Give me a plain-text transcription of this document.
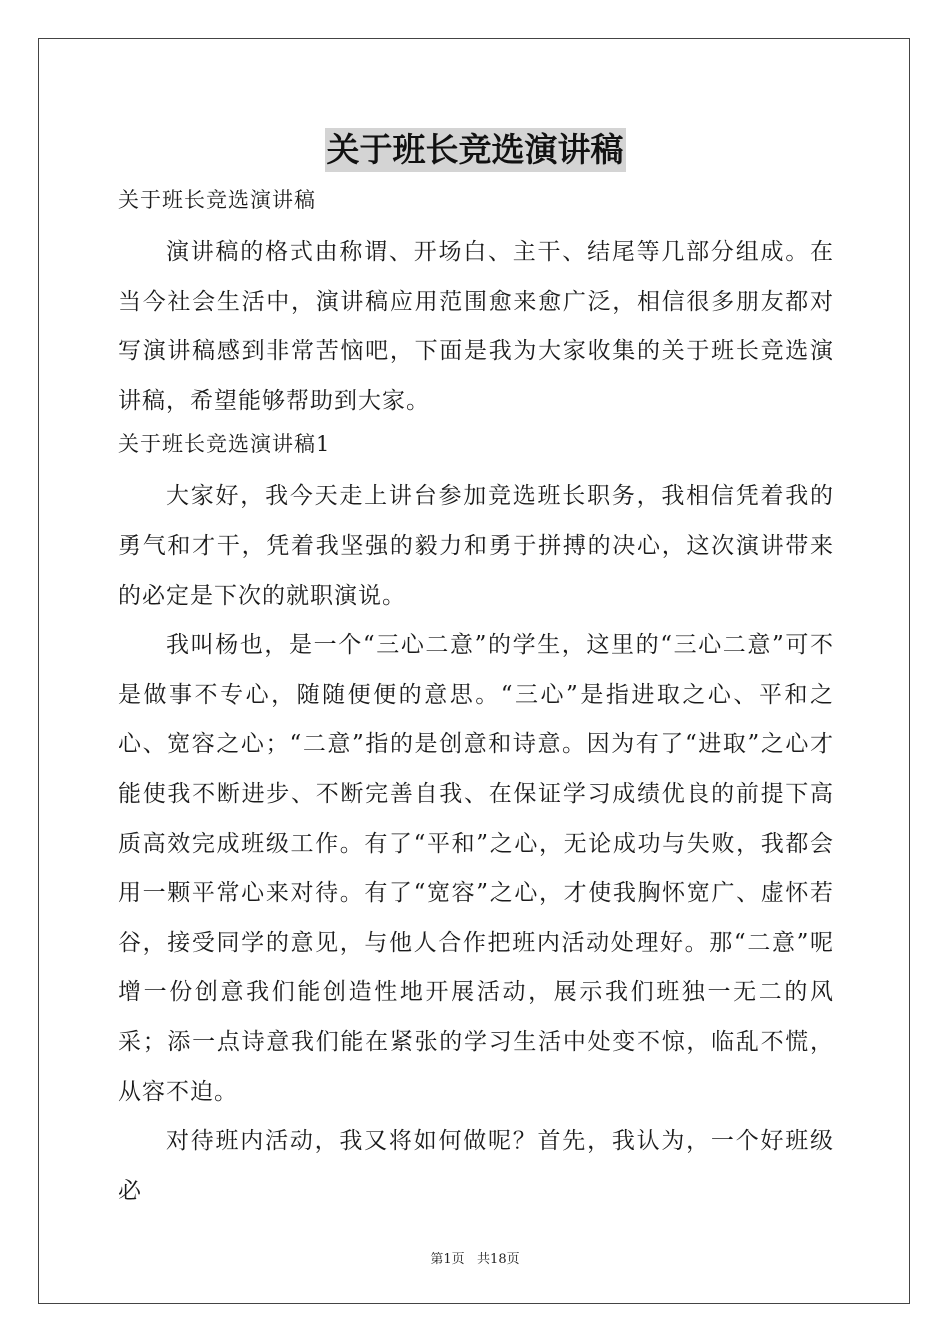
关于班长竞选演讲稿

关于班长竞选演讲稿

演讲稿的格式由称谓、开场白、主干、结尾等几部分组成。在当今社会生活中，演讲稿应用范围愈来愈广泛，相信很多朋友都对写演讲稿感到非常苦恼吧，下面是我为大家收集的关于班长竞选演讲稿，希望能够帮助到大家。

关于班长竞选演讲稿1

大家好，我今天走上讲台参加竞选班长职务，我相信凭着我的勇气和才干，凭着我坚强的毅力和勇于拼搏的决心，这次演讲带来的必定是下次的就职演说。

我叫杨也，是一个“三心二意”的学生，这里的“三心二意”可不是做事不专心，随随便便的意思。“三心”是指进取之心、平和之心、宽容之心；“二意”指的是创意和诗意。因为有了“进取”之心才能使我不断进步、不断完善自我、在保证学习成绩优良的前提下高质高效完成班级工作。有了“平和”之心，无论成功与失败，我都会用一颗平常心来对待。有了“宽容”之心，才使我胸怀宽广、虚怀若谷，接受同学的意见，与他人合作把班内活动处理好。那“二意”呢增一份创意我们能创造性地开展活动，展示我们班独一无二的风采；添一点诗意我们能在紧张的学习生活中处变不惊，临乱不慌，从容不迫。

对待班内活动，我又将如何做呢？首先，我认为，一个好班级必

第1页   共18页
